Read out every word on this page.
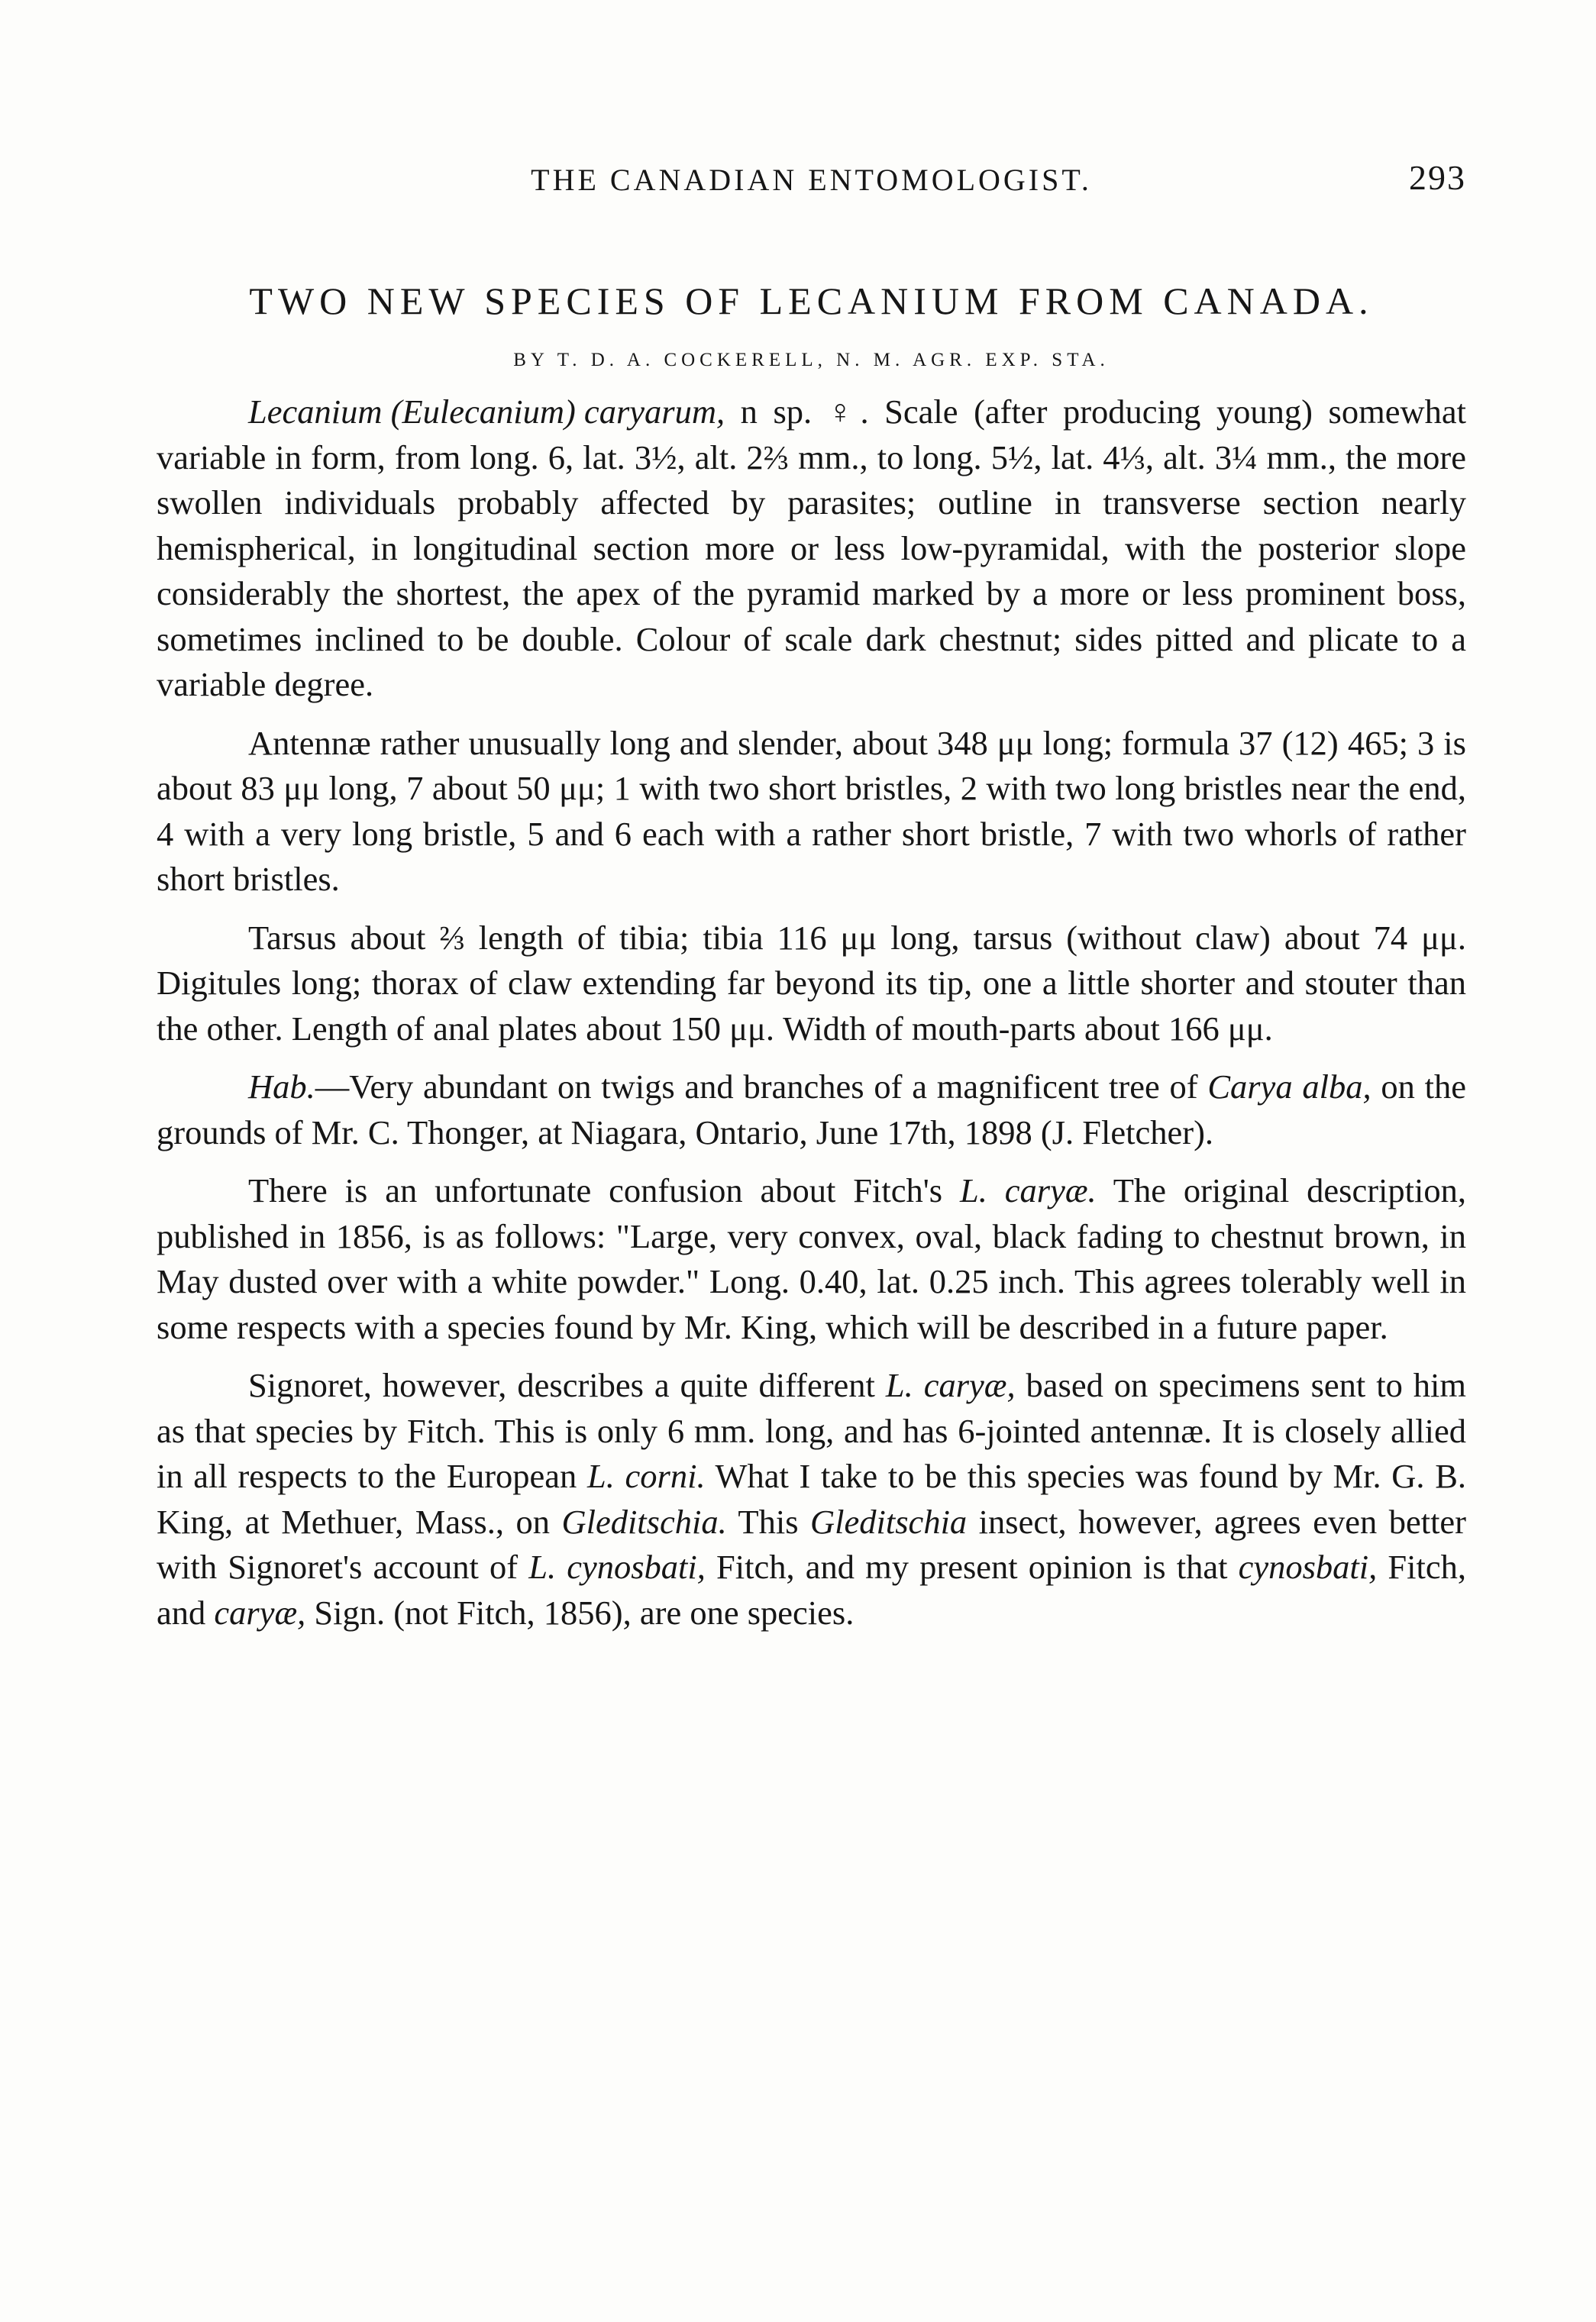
THE CANADIAN ENTOMOLOGIST.	293
TWO NEW SPECIES OF LECANIUM FROM CANADA.
BY T. D. A. COCKERELL, N. M. AGR. EXP. STA.

Lecanium (Eulecanium) caryarum, n sp. ♀. Scale (after producing young) somewhat variable in form, from long. 6, lat. 3½, alt. 2⅔ mm., to long. 5½, lat. 4⅓, alt. 3¼ mm., the more swollen individuals probably affected by parasites; outline in transverse section nearly hemispherical, in longitudinal section more or less low-pyramidal, with the posterior slope considerably the shortest, the apex of the pyramid marked by a more or less prominent boss, sometimes inclined to be double. Colour of scale dark chestnut; sides pitted and plicate to a variable degree.

Antennæ rather unusually long and slender, about 348 μμ long; formula 37 (12) 465; 3 is about 83 μμ long, 7 about 50 μμ; 1 with two short bristles, 2 with two long bristles near the end, 4 with a very long bristle, 5 and 6 each with a rather short bristle, 7 with two whorls of rather short bristles.

Tarsus about ⅔ length of tibia; tibia 116 μμ long, tarsus (without claw) about 74 μμ. Digitules long; thorax of claw extending far beyond its tip, one a little shorter and stouter than the other. Length of anal plates about 150 μμ. Width of mouth-parts about 166 μμ.

Hab.—Very abundant on twigs and branches of a magnificent tree of Carya alba, on the grounds of Mr. C. Thonger, at Niagara, Ontario, June 17th, 1898 (J. Fletcher).

There is an unfortunate confusion about Fitch's L. caryæ. The original description, published in 1856, is as follows: "Large, very convex, oval, black fading to chestnut brown, in May dusted over with a white powder." Long. 0.40, lat. 0.25 inch. This agrees tolerably well in some respects with a species found by Mr. King, which will be described in a future paper.

Signoret, however, describes a quite different L. caryæ, based on specimens sent to him as that species by Fitch. This is only 6 mm. long, and has 6-jointed antennæ. It is closely allied in all respects to the European L. corni. What I take to be this species was found by Mr. G. B. King, at Methuer, Mass., on Gleditschia. This Gleditschia insect, however, agrees even better with Signoret's account of L. cynosbati, Fitch, and my present opinion is that cynosbati, Fitch, and caryæ, Sign. (not Fitch, 1856), are one species.
